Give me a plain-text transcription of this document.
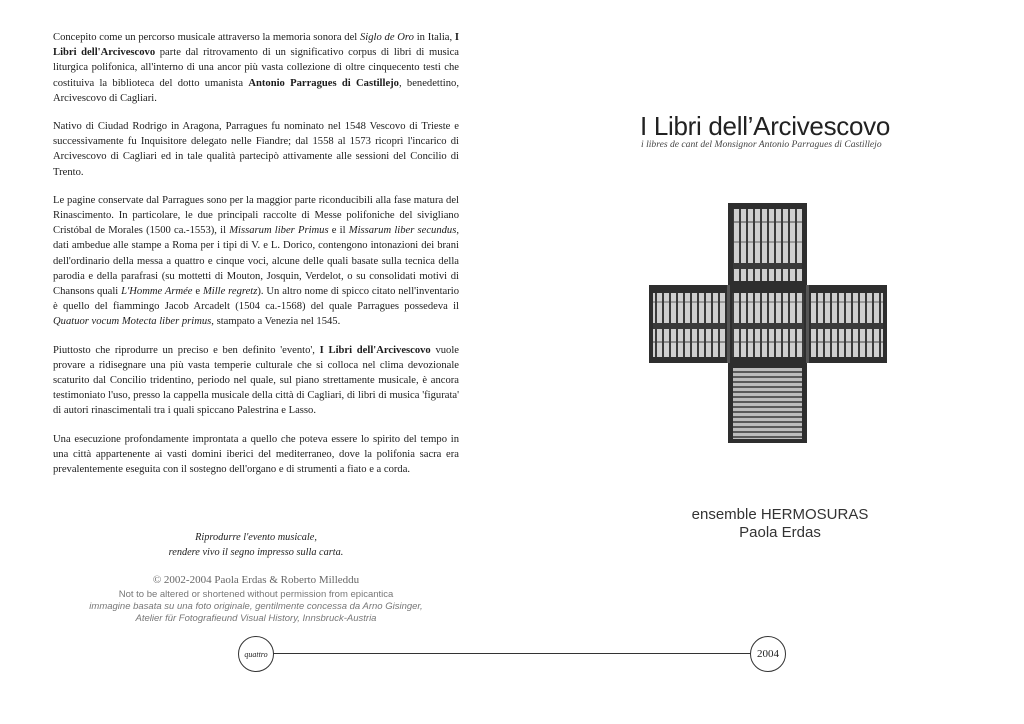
Concepito come un percorso musicale attraverso la memoria sonora del Siglo de Oro in Italia, I Libri dell'Arcivescovo parte dal ritrovamento di un significativo corpus di libri di musica liturgica polifonica, all'interno di una ancor più vasta collezione di oltre cinquecento testi che costituiva la biblioteca del dotto umanista Antonio Parragues di Castillejo, benedettino, Arcivescovo di Cagliari.

Nativo di Ciudad Rodrigo in Aragona, Parragues fu nominato nel 1548 Vescovo di Trieste e successivamente fu Inquisitore delegato nelle Fiandre; dal 1558 al 1573 ricoprì l'incarico di Arcivescovo di Cagliari ed in tale qualità partecipò attivamente alle sessioni del Concilio di Trento.

Le pagine conservate dal Parragues sono per la maggior parte riconducibili alla fase matura del Rinascimento. In particolare, le due principali raccolte di Messe polifoniche del sivigliano Cristóbal de Morales (1500 ca.-1553), il Missarum liber Primus e il Missarum liber secundus, dati ambedue alle stampe a Roma per i tipi di V. e L. Dorico, contengono intonazioni dei brani dell'ordinario della messa a quattro e cinque voci, alcune delle quali basate sulla tecnica della parodia e della parafrasi (su mottetti di Mouton, Josquin, Verdelot, o su consolidati motivi di Chansons quali L'Homme Armée e Mille regretz). Un altro nome di spicco citato nell'inventario è quello del fiammingo Jacob Arcadelt (1504 ca.-1568) del quale Parragues possedeva il Quatuor vocum Motecta liber primus, stampato a Venezia nel 1545.

Piuttosto che riprodurre un preciso e ben definito 'evento', I Libri dell'Arcivescovo vuole provare a ridisegnare una più vasta temperie culturale che si colloca nel clima devozionale scaturito dal Concilio tridentino, periodo nel quale, sul piano strettamente musicale, è ancora testimoniato l'uso, presso la cappella musicale della città di Cagliari, di libri di musica 'figurata' di autori rinascimentali tra i quali spiccano Palestrina e Lasso.

Una esecuzione profondamente improntata a quello che poteva essere lo spirito del tempo in una città appartenente ai vasti domini iberici del mediterraneo, dove la polifonia sacra era prevalentemente eseguita con il sostegno dell'organo e di strumenti a fiato e a corda.

Riprodurre l'evento musicale,
rendere vivo il segno impresso sulla carta.
© 2002-2004 Paola Erdas & Roberto Milleddu
Not to be altered or shortened without permission from epicantica
immagine basata su una foto originale, gentilmente concessa da Arno Gisinger,
Atelier für Fotografieund Visual History, Innsbruck-Austria
quattro	2004
I Libri dell’Arcivescovo
i libres de cant del Monsignor Antonio Parragues di Castillejo
ensemble HERMOSURAS
Paola Erdas
